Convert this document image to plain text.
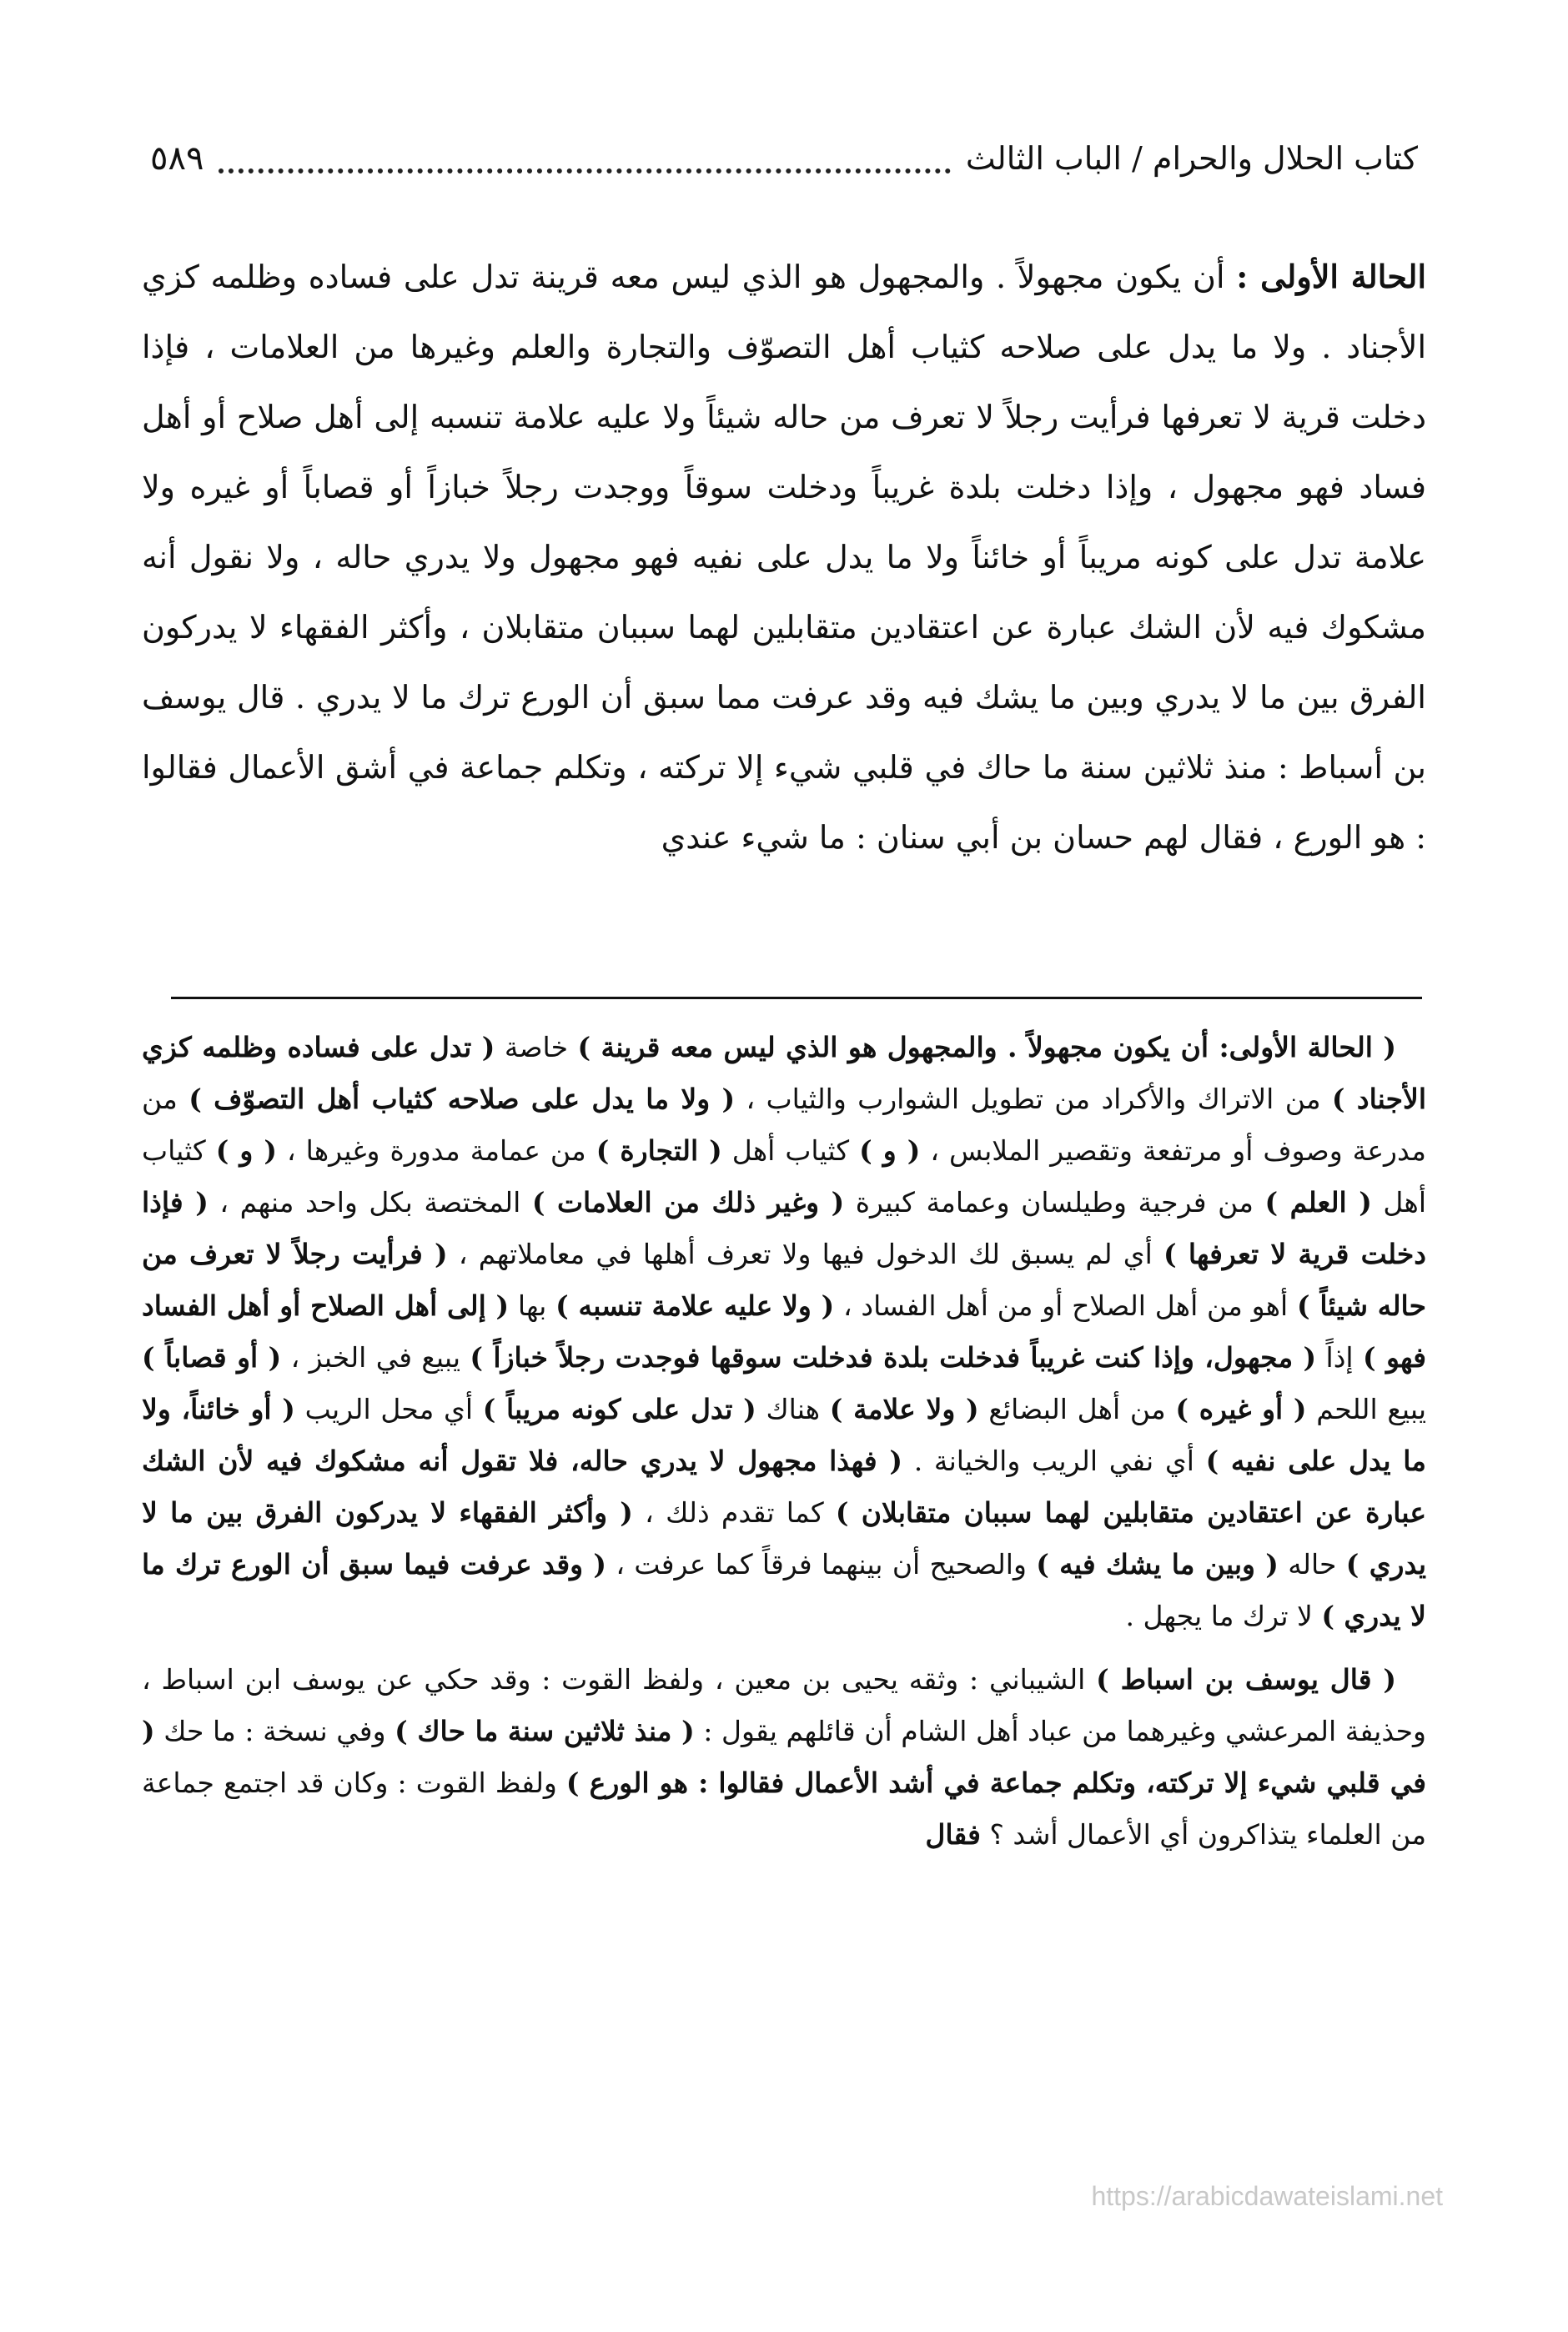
كتاب الحلال والحرام / الباب الثالث
٥٨٩

الحالة الأولى : أن يكون مجهولاً . والمجهول هو الذي ليس معه قرينة تدل على فساده وظلمه كزي الأجناد . ولا ما يدل على صلاحه كثياب أهل التصوّف والتجارة والعلم وغيرها من العلامات ، فإذا دخلت قرية لا تعرفها فرأيت رجلاً لا تعرف من حاله شيئاً ولا عليه علامة تنسبه إلى أهل صلاح أو أهل فساد فهو مجهول ، وإذا دخلت بلدة غريباً ودخلت سوقاً ووجدت رجلاً خبازاً أو قصاباً أو غيره ولا علامة تدل على كونه مريباً أو خائناً ولا ما يدل على نفيه فهو مجهول ولا يدري حاله ، ولا نقول أنه مشكوك فيه لأن الشك عبارة عن اعتقادين متقابلين لهما سببان متقابلان ، وأكثر الفقهاء لا يدركون الفرق بين ما لا يدري وبين ما يشك فيه وقد عرفت مما سبق أن الورع ترك ما لا يدري . قال يوسف بن أسباط : منذ ثلاثين سنة ما حاك في قلبي شيء إلا تركته ، وتكلم جماعة في أشق الأعمال فقالوا : هو الورع ، فقال لهم حسان بن أبي سنان : ما شيء عندي

( الحالة الأولى: أن يكون مجهولاً . والمجهول هو الذي ليس معه قرينة ) خاصة ( تدل على فساده وظلمه كزي الأجناد ) من الاتراك والأكراد من تطويل الشوارب والثياب ، ( ولا ما يدل على صلاحه كثياب أهل التصوّف ) من مدرعة وصوف أو مرتفعة وتقصير الملابس ، ( و ) كثياب أهل ( التجارة ) من عمامة مدورة وغيرها ، ( و ) كثياب أهل ( العلم ) من فرجية وطيلسان وعمامة كبيرة ( وغير ذلك من العلامات ) المختصة بكل واحد منهم ، ( فإذا دخلت قرية لا تعرفها ) أي لم يسبق لك الدخول فيها ولا تعرف أهلها في معاملاتهم ، ( فرأيت رجلاً لا تعرف من حاله شيئاً ) أهو من أهل الصلاح أو من أهل الفساد ، ( ولا عليه علامة تنسبه ) بها ( إلى أهل الصلاح أو أهل الفساد فهو ) إذاً ( مجهول، وإذا كنت غريباً فدخلت بلدة فدخلت سوقها فوجدت رجلاً خبازاً ) يبيع في الخبز ، ( أو قصاباً ) يبيع اللحم ( أو غيره ) من أهل البضائع ( ولا علامة ) هناك ( تدل على كونه مريباً ) أي محل الريب ( أو خائناً، ولا ما يدل على نفيه ) أي نفي الريب والخيانة . ( فهذا مجهول لا يدري حاله، فلا تقول أنه مشكوك فيه لأن الشك عبارة عن اعتقادين متقابلين لهما سببان متقابلان ) كما تقدم ذلك ، ( وأكثر الفقهاء لا يدركون الفرق بين ما لا يدري ) حاله ( وبين ما يشك فيه ) والصحيح أن بينهما فرقاً كما عرفت ، ( وقد عرفت فيما سبق أن الورع ترك ما لا يدري ) لا ترك ما يجهل .

( قال يوسف بن اسباط ) الشيباني : وثقه يحيى بن معين ، ولفظ القوت : وقد حكي عن يوسف ابن اسباط ، وحذيفة المرعشي وغيرهما من عباد أهل الشام أن قائلهم يقول : ( منذ ثلاثين سنة ما حاك ) وفي نسخة : ما حك ( في قلبي شيء إلا تركته، وتكلم جماعة في أشد الأعمال فقالوا : هو الورع ) ولفظ القوت : وكان قد اجتمع جماعة من العلماء يتذاكرون أي الأعمال أشد ؟ فقال

https://arabicdawateislami.net
